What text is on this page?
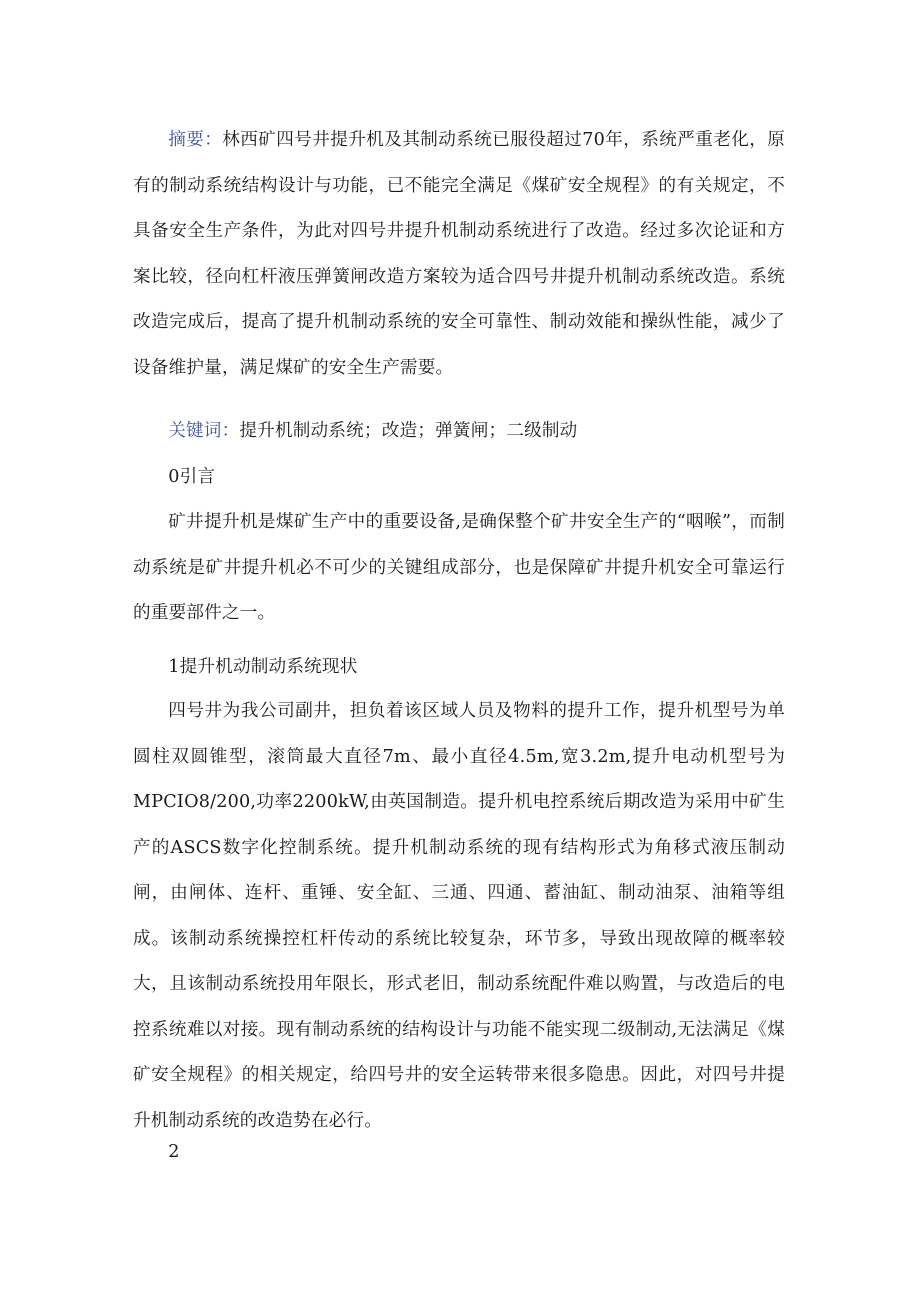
摘要：林西矿四号井提升机及其制动系统已服役超过70年，系统严重老化，原有的制动系统结构设计与功能，已不能完全满足《煤矿安全规程》的有关规定，不具备安全生产条件，为此对四号井提升机制动系统进行了改造。经过多次论证和方案比较，径向杠杆液压弹簧闸改造方案较为适合四号井提升机制动系统改造。系统改造完成后，提高了提升机制动系统的安全可靠性、制动效能和操纵性能，减少了设备维护量，满足煤矿的安全生产需要。

关键词：提升机制动系统；改造；弹簧闸；二级制动

0引言

矿井提升机是煤矿生产中的重要设备,是确保整个矿井安全生产的“咽喉”，而制动系统是矿井提升机必不可少的关键组成部分，也是保障矿井提升机安全可靠运行的重要部件之一。

1提升机动制动系统现状

四号井为我公司副井，担负着该区域人员及物料的提升工作，提升机型号为单圆柱双圆锥型，滚筒最大直径7m、最小直径4.5m,宽3.2m,提升电动机型号为MPCIO8/200,功率2200kW,由英国制造。提升机电控系统后期改造为采用中矿生产的ASCS数字化控制系统。提升机制动系统的现有结构形式为角移式液压制动闸，由闸体、连杆、重锤、安全缸、三通、四通、蓄油缸、制动油泵、油箱等组成。该制动系统操控杠杆传动的系统比较复杂，环节多，导致出现故障的概率较大，且该制动系统投用年限长，形式老旧，制动系统配件难以购置，与改造后的电控系统难以对接。现有制动系统的结构设计与功能不能实现二级制动,无法满足《煤矿安全规程》的相关规定，给四号井的安全运转带来很多隐患。因此，对四号井提升机制动系统的改造势在必行。

2
